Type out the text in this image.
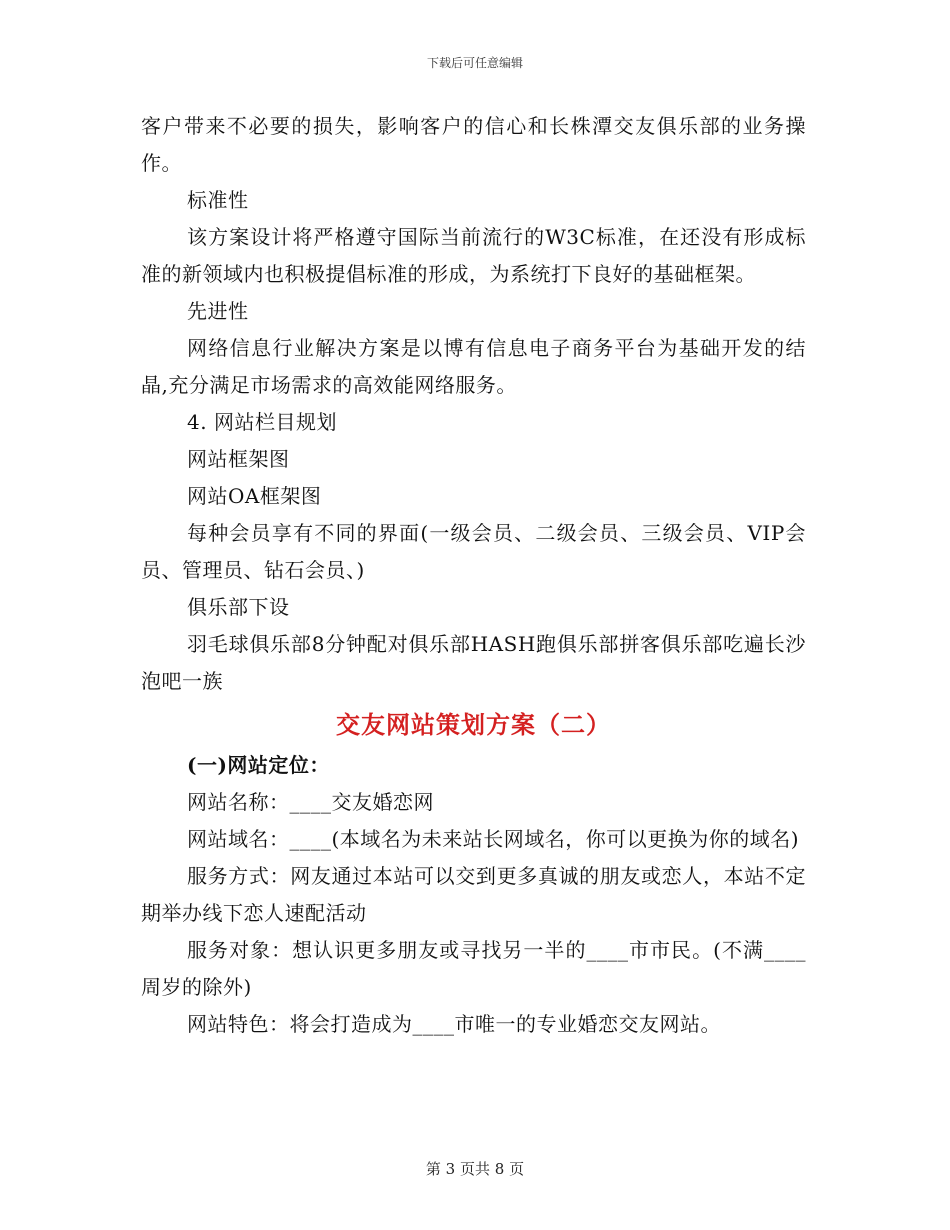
下载后可任意编辑

客户带来不必要的损失，影响客户的信心和长株潭交友俱乐部的业务操作。

标准性

该方案设计将严格遵守国际当前流行的W3C标准，在还没有形成标准的新领域内也积极提倡标准的形成，为系统打下良好的基础框架。

先进性

网络信息行业解决方案是以博有信息电子商务平台为基础开发的结晶,充分满足市场需求的高效能网络服务。

4. 网站栏目规划

网站框架图

网站OA框架图

每种会员享有不同的界面(一级会员、二级会员、三级会员、VIP会员、管理员、钻石会员、)

俱乐部下设

羽毛球俱乐部8分钟配对俱乐部HASH跑俱乐部拼客俱乐部吃遍长沙泡吧一族

交友网站策划方案（二）

(一)网站定位：

网站名称：____交友婚恋网

网站域名：____(本域名为未来站长网域名，你可以更换为你的域名)

服务方式：网友通过本站可以交到更多真诚的朋友或恋人，本站不定期举办线下恋人速配活动

服务对象：想认识更多朋友或寻找另一半的____市市民。(不满____周岁的除外)

网站特色：将会打造成为____市唯一的专业婚恋交友网站。

第 3 页共 8 页
